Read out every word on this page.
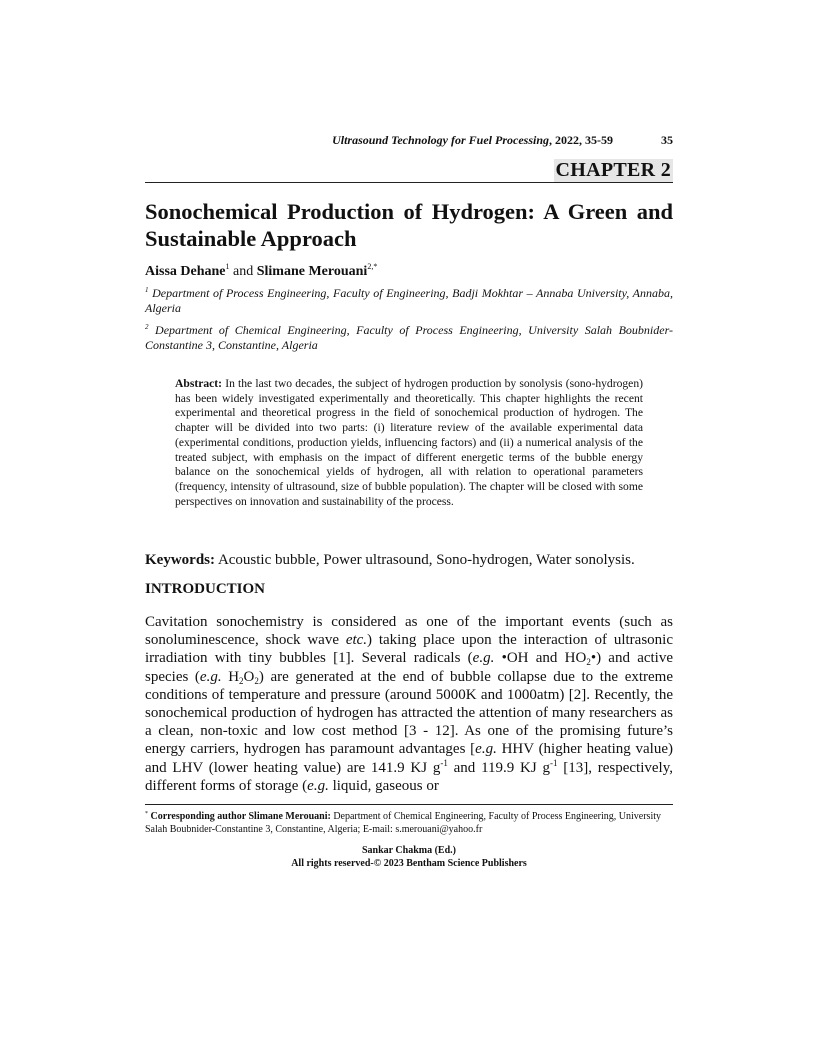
Ultrasound Technology for Fuel Processing, 2022, 35-59	35
CHAPTER 2
Sonochemical Production of Hydrogen: A Green and Sustainable Approach
Aissa Dehane$^1$ and Slimane Merouani$^{2,*}$

$^1$ Department of Process Engineering, Faculty of Engineering, Badji Mokhtar – Annaba University, Annaba, Algeria

$^2$ Department of Chemical Engineering, Faculty of Process Engineering, University Salah Boubnider-Constantine 3, Constantine, Algeria

Abstract: In the last two decades, the subject of hydrogen production by sonolysis (sono-hydrogen) has been widely investigated experimentally and theoretically. This chapter highlights the recent experimental and theoretical progress in the field of sonochemical production of hydrogen. The chapter will be divided into two parts: (i) literature review of the available experimental data (experimental conditions, production yields, influencing factors) and (ii) a numerical analysis of the treated subject, with emphasis on the impact of different energetic terms of the bubble energy balance on the sonochemical yields of hydrogen, all with relation to operational parameters (frequency, intensity of ultrasound, size of bubble population). The chapter will be closed with some perspectives on innovation and sustainability of the process.

Keywords: Acoustic bubble, Power ultrasound, Sono-hydrogen, Water sonolysis.

INTRODUCTION

Cavitation sonochemistry is considered as one of the important events (such as sonoluminescence, shock wave etc.) taking place upon the interaction of ultrasonic irradiation with tiny bubbles [1]. Several radicals (e.g. •OH and $HO_2•$) and active species (e.g. $H_2O_2$) are generated at the end of bubble collapse due to the extreme conditions of temperature and pressure (around 5000K and 1000atm) [2]. Recently, the sonochemical production of hydrogen has attracted the attention of many researchers as a clean, non-toxic and low cost method [3 - 12]. As one of the promising future’s energy carriers, hydrogen has paramount advantages [e.g. HHV (higher heating value) and LHV (lower heating value) are 141.9 KJ $g^{-1}$ and 119.9 KJ $g^{-1}$ [13], respectively, different forms of storage (e.g. liquid, gaseous or

* Corresponding author Slimane Merouani: Department of Chemical Engineering, Faculty of Process Engineering, University Salah Boubnider-Constantine 3, Constantine, Algeria; E-mail: s.merouani@yahoo.fr

Sankar Chakma (Ed.)
All rights reserved-© 2023 Bentham Science Publishers
